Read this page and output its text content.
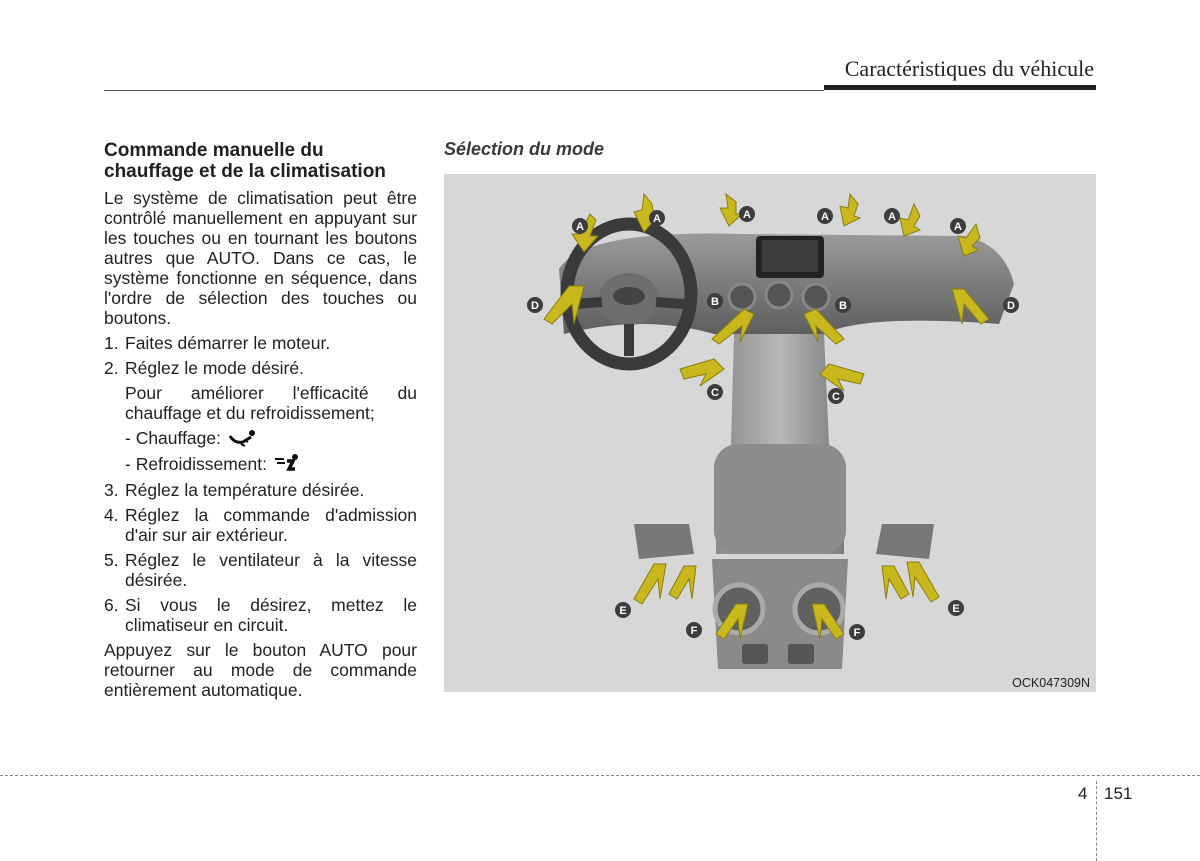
Caractéristiques du véhicule
Commande manuelle du chauffage et de la climatisation
Le système de climatisation peut être contrôlé manuellement en appuyant sur les touches ou en tournant les boutons autres que AUTO. Dans ce cas, le système fonctionne en séquence, dans l'ordre de sélection des touches ou boutons.
1. Faites démarrer le moteur.
2. Réglez le mode désiré.
Pour améliorer l'efficacité du chauffage et du refroidissement;
- Chauffage:
- Refroidissement:
3. Réglez la température désirée.
4. Réglez la commande d'admission d'air sur air extérieur.
5. Réglez le ventilateur à la vitesse désirée.
6. Si vous le désirez, mettez le climatiseur en circuit.
Appuyez sur le bouton AUTO pour retourner au mode de commande entièrement automatique.
Sélection du mode
A
A	A	A	A
A
B	B
C	C
D	D
E	E
F	F
OCK047309N
4 151
